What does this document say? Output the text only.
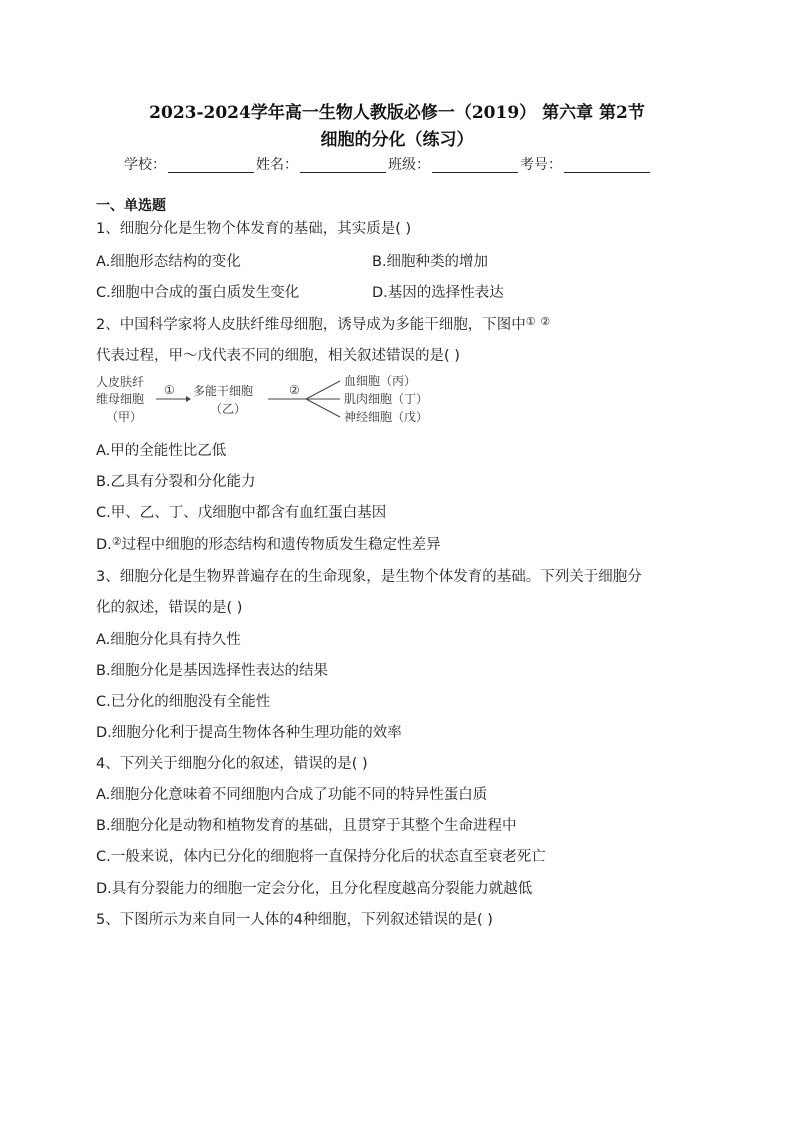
2023-2024学年高一生物人教版必修一（2019） 第六章 第2节
细胞的分化（练习）
学校：	姓名：	班级：	考号：
一、单选题
1、细胞分化是生物个体发育的基础，其实质是( )
A.细胞形态结构的变化	B.细胞种类的增加
C.细胞中合成的蛋白质发生变化	D.基因的选择性表达
2、中国科学家将人皮肤纤维母细胞，诱导成为多能干细胞，下图中① ②
代表过程，甲～戊代表不同的细胞，相关叙述错误的是( )
人皮肤纤
维母细胞
（甲）
① 多能干细胞
（乙）
②
血细胞（丙）
肌肉细胞（丁）
神经细胞（戊）
A.甲的全能性比乙低
B.乙具有分裂和分化能力
C.甲、乙、丁、戊细胞中都含有血红蛋白基因
D.②过程中细胞的形态结构和遗传物质发生稳定性差异
3、细胞分化是生物界普遍存在的生命现象，是生物个体发育的基础。下列关于细胞分
化的叙述，错误的是( )
A.细胞分化具有持久性
B.细胞分化是基因选择性表达的结果
C.已分化的细胞没有全能性
D.细胞分化利于提高生物体各种生理功能的效率
4、下列关于细胞分化的叙述，错误的是( )
A.细胞分化意味着不同细胞内合成了功能不同的特异性蛋白质
B.细胞分化是动物和植物发育的基础，且贯穿于其整个生命进程中
C.一般来说，体内已分化的细胞将一直保持分化后的状态直至衰老死亡
D.具有分裂能力的细胞一定会分化，且分化程度越高分裂能力就越低
5、下图所示为来自同一人体的4种细胞，下列叙述错误的是( )
